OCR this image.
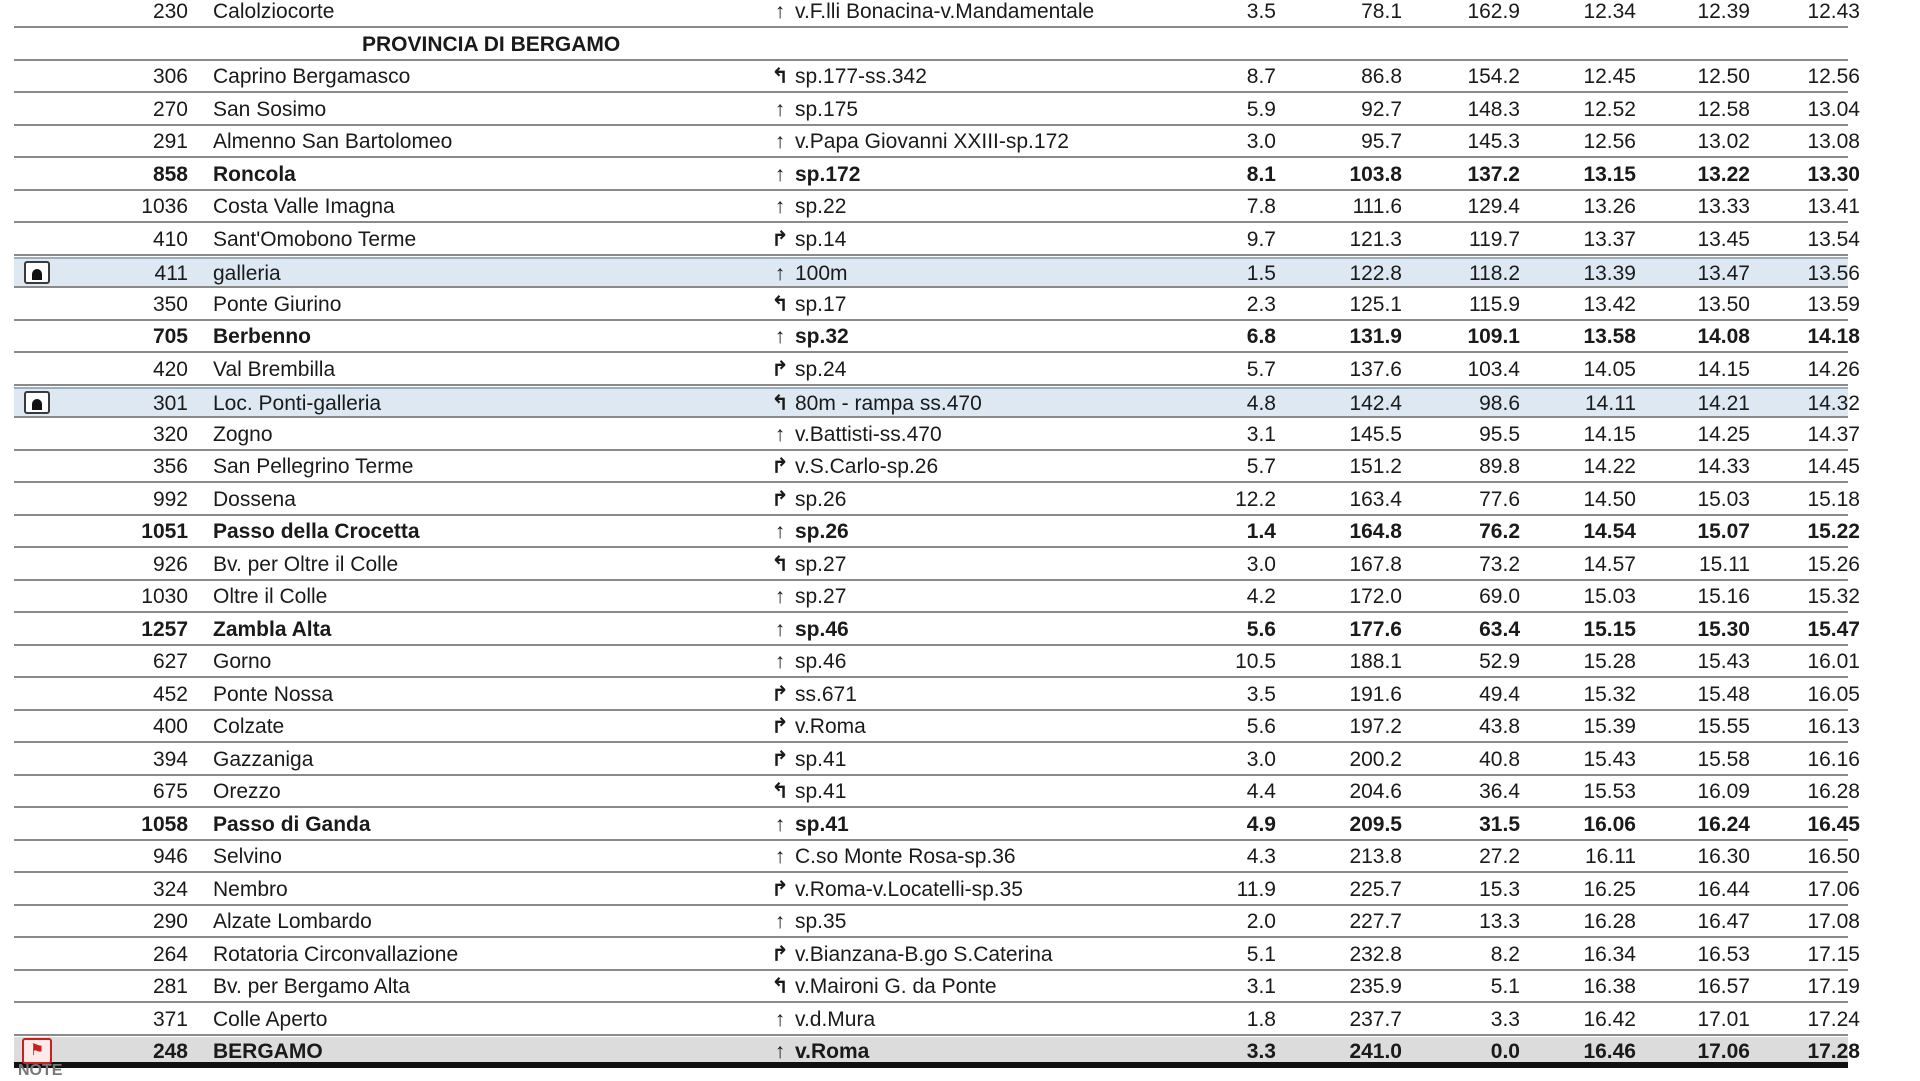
230 Calolziocorte	↑ v.F.lli Bonacina-v.Mandamentale	3.5	78.1	162.9	12.34	12.39	12.43
PROVINCIA DI BERGAMO
306 Caprino Bergamasco	↰ sp.177-ss.342	8.7	86.8	154.2	12.45	12.50	12.56
270 San Sosimo	↑ sp.175	5.9	92.7	148.3	12.52	12.58	13.04
291 Almenno San Bartolomeo	↑ v.Papa Giovanni XXIII-sp.172	3.0	95.7	145.3	12.56	13.02	13.08
858 Roncola	↑ sp.172	8.1	103.8	137.2	13.15	13.22	13.30
1036 Costa Valle Imagna	↑ sp.22	7.8	111.6	129.4	13.26	13.33	13.41
410 Sant'Omobono Terme	↱ sp.14	9.7	121.3	119.7	13.37	13.45	13.54
411 galleria	↑ 100m	1.5	122.8	118.2	13.39	13.47	13.56
350 Ponte Giurino	↰ sp.17	2.3	125.1	115.9	13.42	13.50	13.59
705 Berbenno	↑ sp.32	6.8	131.9	109.1	13.58	14.08	14.18
420 Val Brembilla	↱ sp.24	5.7	137.6	103.4	14.05	14.15	14.26
301 Loc. Ponti-galleria	↰ 80m - rampa ss.470	4.8	142.4	98.6	14.11	14.21	14.32
320 Zogno	↑ v.Battisti-ss.470	3.1	145.5	95.5	14.15	14.25	14.37
356 San Pellegrino Terme	↱ v.S.Carlo-sp.26	5.7	151.2	89.8	14.22	14.33	14.45
992 Dossena	↱ sp.26	12.2	163.4	77.6	14.50	15.03	15.18
1051 Passo della Crocetta	↑ sp.26	1.4	164.8	76.2	14.54	15.07	15.22
926 Bv. per Oltre il Colle	↰ sp.27	3.0	167.8	73.2	14.57	15.11	15.26
1030 Oltre il Colle	↑ sp.27	4.2	172.0	69.0	15.03	15.16	15.32
1257 Zambla Alta	↑ sp.46	5.6	177.6	63.4	15.15	15.30	15.47
627 Gorno	↑ sp.46	10.5	188.1	52.9	15.28	15.43	16.01
452 Ponte Nossa	↱ ss.671	3.5	191.6	49.4	15.32	15.48	16.05
400 Colzate	↱ v.Roma	5.6	197.2	43.8	15.39	15.55	16.13
394 Gazzaniga	↱ sp.41	3.0	200.2	40.8	15.43	15.58	16.16
675 Orezzo	↰ sp.41	4.4	204.6	36.4	15.53	16.09	16.28
1058 Passo di Ganda	↑ sp.41	4.9	209.5	31.5	16.06	16.24	16.45
946 Selvino	↑ C.so Monte Rosa-sp.36	4.3	213.8	27.2	16.11	16.30	16.50
324 Nembro	↱ v.Roma-v.Locatelli-sp.35	11.9	225.7	15.3	16.25	16.44	17.06
290 Alzate Lombardo	↑ sp.35	2.0	227.7	13.3	16.28	16.47	17.08
264 Rotatoria Circonvallazione	↱ v.Bianzana-B.go S.Caterina	5.1	232.8	8.2	16.34	16.53	17.15
281 Bv. per Bergamo Alta	↰ v.Maironi G. da Ponte	3.1	235.9	5.1	16.38	16.57	17.19
371 Colle Aperto	↑ v.d.Mura	1.8	237.7	3.3	16.42	17.01	17.24
⚑	248 BERGAMO	↑ v.Roma	3.3	241.0	0.0	16.46	17.06	17.28
NOTE
